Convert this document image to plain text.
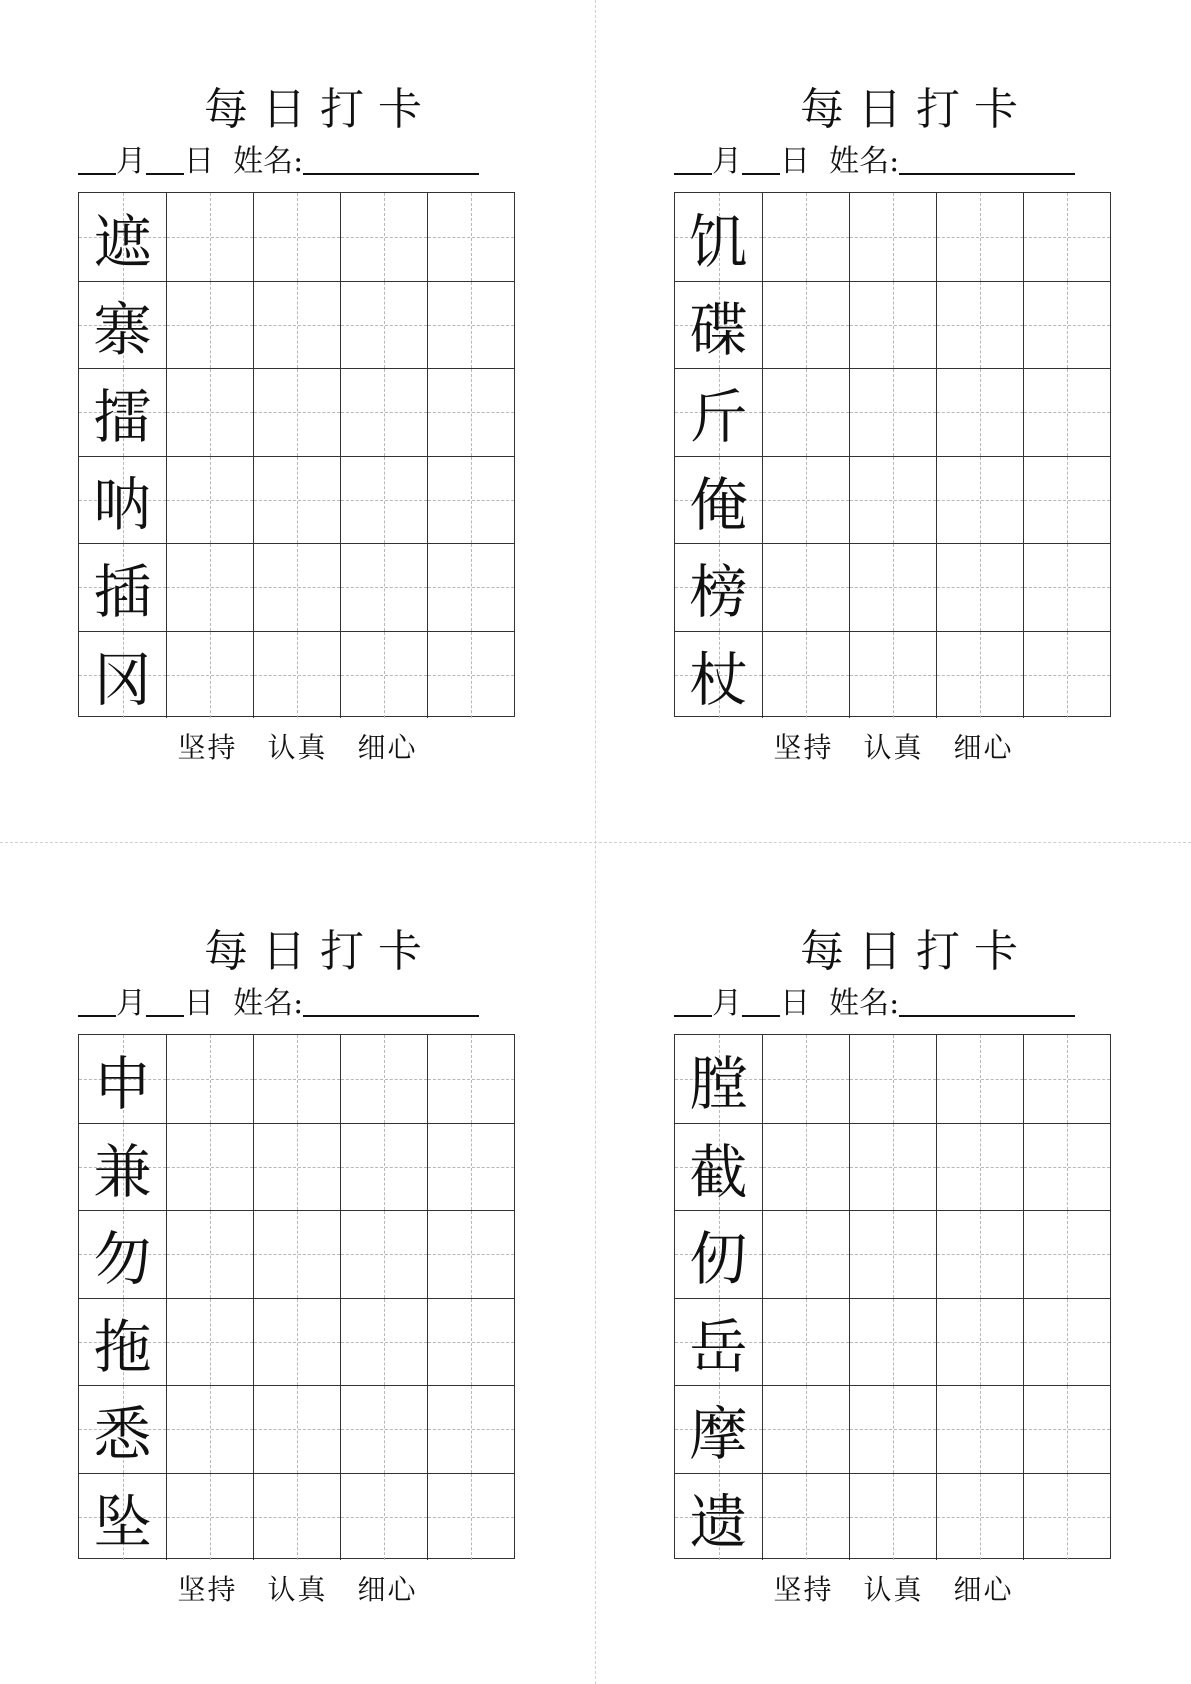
每日打卡
月 日 姓名:
遮
寨
擂
呐
插
冈
坚持 认真 细心
每日打卡
月 日 姓名:
饥
碟
斤
俺
榜
杖
坚持 认真 细心
每日打卡
月 日 姓名:
申
兼
勿
拖
悉
坠
坚持 认真 细心
每日打卡
月 日 姓名:
膛
截
仞
岳
摩
遗
坚持 认真 细心
